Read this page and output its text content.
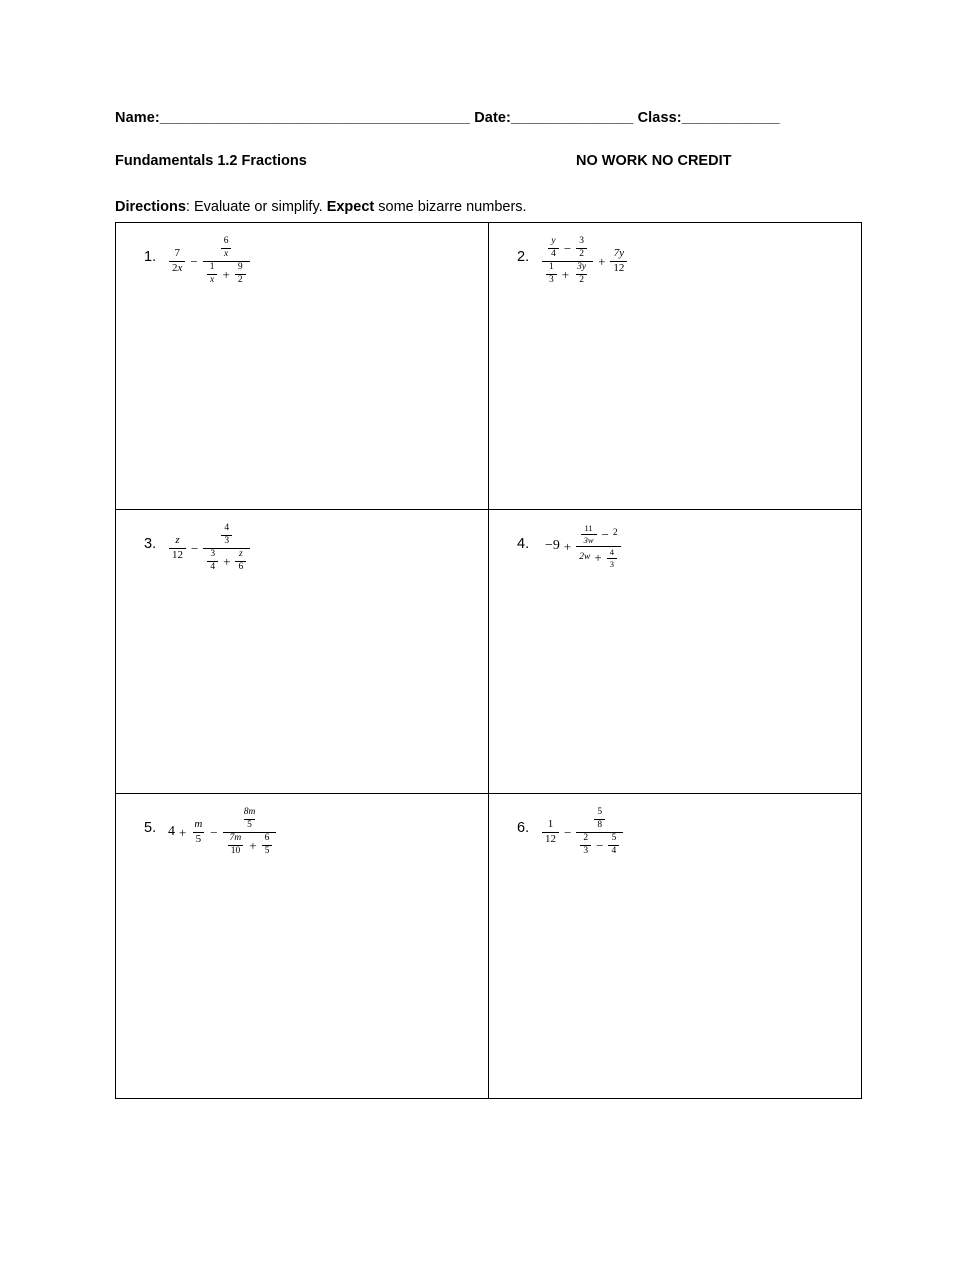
Name:______________________________________ Date:_______________ Class:____________
Fundamentals 1.2 Fractions	NO WORK NO CREDIT
Directions: Evaluate or simplify. Expect some bizarre numbers.
1.	$\frac{7}{2 x}$ −
$\frac{6}{x}$
$\frac{1}{x} + \frac{9}{2}$

2.	$\frac{y}{4} - \frac{3}{2}$
$\frac{1}{3} + \frac{3y}{2}$
+ $\frac{7y}{12}$

3.	$\frac{z}{12}$ −
$\frac{4}{3}$
$\frac{3}{4} + \frac{z}{6}$

4.	−9 +
$\frac{11}{3w} - 2$
$2w + \frac{4}{3}$

5. $4 + \frac{m}{5}$ −
$\frac{8m}{5}$
$\frac{7m}{10} + \frac{6}{5}$

6.	$\frac{1}{12}$ −
$\frac{5}{8}$
$\frac{2}{3} - \frac{5}{4}$
